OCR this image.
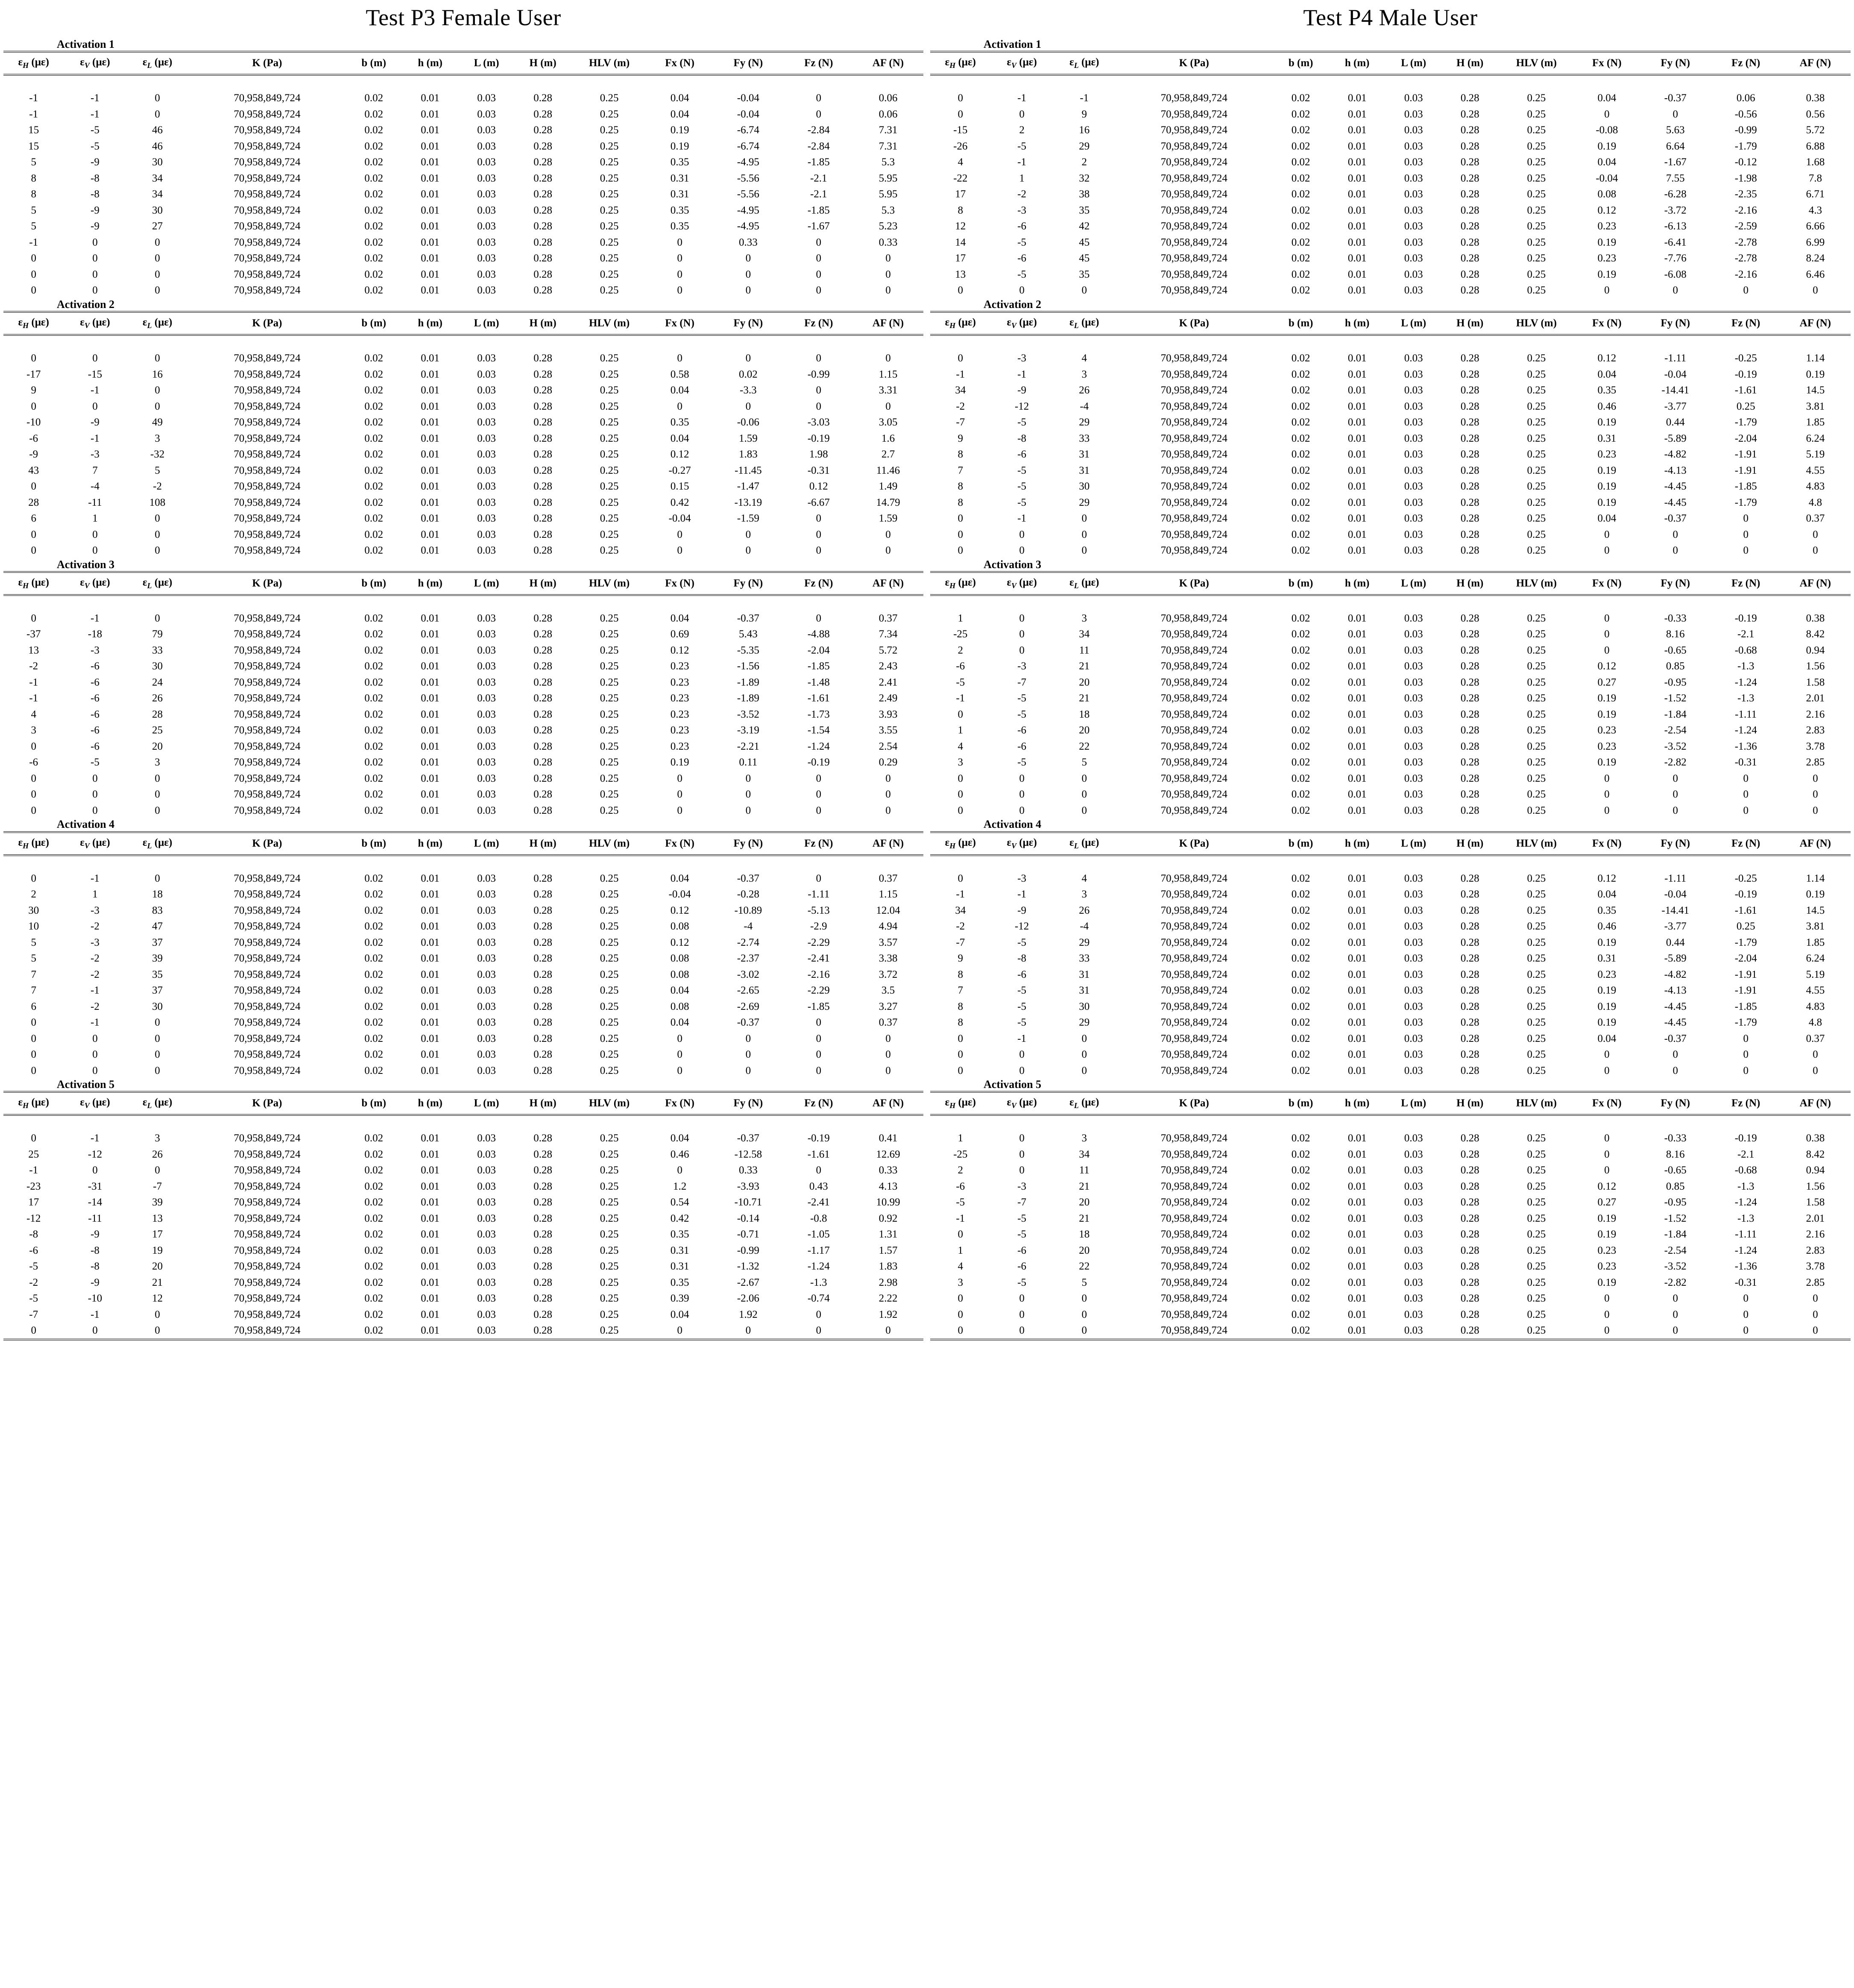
Test P3 Female User
Activation 1
$\varepsilon_H$ (με)	$\varepsilon_V$ (με)	$\varepsilon_L$ (με)	K (Pa)	b (m)	h (m)	L (m)	H (m)	HLV (m)	Fx (N)	Fy (N)	Fz (N)	AF (N)

-1	-1	0	70,958,849,724	0.02	0.01	0.03	0.28	0.25	0.04	-0.04	0	0.06
-1	-1	0	70,958,849,724	0.02	0.01	0.03	0.28	0.25	0.04	-0.04	0	0.06
15	-5	46	70,958,849,724	0.02	0.01	0.03	0.28	0.25	0.19	-6.74	-2.84	7.31
15	-5	46	70,958,849,724	0.02	0.01	0.03	0.28	0.25	0.19	-6.74	-2.84	7.31
5	-9	30	70,958,849,724	0.02	0.01	0.03	0.28	0.25	0.35	-4.95	-1.85	5.3
8	-8	34	70,958,849,724	0.02	0.01	0.03	0.28	0.25	0.31	-5.56	-2.1	5.95
8	-8	34	70,958,849,724	0.02	0.01	0.03	0.28	0.25	0.31	-5.56	-2.1	5.95
5	-9	30	70,958,849,724	0.02	0.01	0.03	0.28	0.25	0.35	-4.95	-1.85	5.3
5	-9	27	70,958,849,724	0.02	0.01	0.03	0.28	0.25	0.35	-4.95	-1.67	5.23
-1	0	0	70,958,849,724	0.02	0.01	0.03	0.28	0.25	0	0.33	0	0.33
0	0	0	70,958,849,724	0.02	0.01	0.03	0.28	0.25	0	0	0	0
0	0	0	70,958,849,724	0.02	0.01	0.03	0.28	0.25	0	0	0	0
0	0	0	70,958,849,724	0.02	0.01	0.03	0.28	0.25	0	0	0	0
Activation 2
$\varepsilon_H$ (με)	$\varepsilon_V$ (με)	$\varepsilon_L$ (με)	K (Pa)	b (m)	h (m)	L (m)	H (m)	HLV (m)	Fx (N)	Fy (N)	Fz (N)	AF (N)

0	0	0	70,958,849,724	0.02	0.01	0.03	0.28	0.25	0	0	0	0
-17	-15	16	70,958,849,724	0.02	0.01	0.03	0.28	0.25	0.58	0.02	-0.99	1.15
9	-1	0	70,958,849,724	0.02	0.01	0.03	0.28	0.25	0.04	-3.3	0	3.31
0	0	0	70,958,849,724	0.02	0.01	0.03	0.28	0.25	0	0	0	0
-10	-9	49	70,958,849,724	0.02	0.01	0.03	0.28	0.25	0.35	-0.06	-3.03	3.05
-6	-1	3	70,958,849,724	0.02	0.01	0.03	0.28	0.25	0.04	1.59	-0.19	1.6
-9	-3	-32	70,958,849,724	0.02	0.01	0.03	0.28	0.25	0.12	1.83	1.98	2.7
43	7	5	70,958,849,724	0.02	0.01	0.03	0.28	0.25	-0.27	-11.45	-0.31	11.46
0	-4	-2	70,958,849,724	0.02	0.01	0.03	0.28	0.25	0.15	-1.47	0.12	1.49
28	-11	108	70,958,849,724	0.02	0.01	0.03	0.28	0.25	0.42	-13.19	-6.67	14.79
6	1	0	70,958,849,724	0.02	0.01	0.03	0.28	0.25	-0.04	-1.59	0	1.59
0	0	0	70,958,849,724	0.02	0.01	0.03	0.28	0.25	0	0	0	0
0	0	0	70,958,849,724	0.02	0.01	0.03	0.28	0.25	0	0	0	0
Activation 3
$\varepsilon_H$ (με)	$\varepsilon_V$ (με)	$\varepsilon_L$ (με)	K (Pa)	b (m)	h (m)	L (m)	H (m)	HLV (m)	Fx (N)	Fy (N)	Fz (N)	AF (N)

0	-1	0	70,958,849,724	0.02	0.01	0.03	0.28	0.25	0.04	-0.37	0	0.37
-37	-18	79	70,958,849,724	0.02	0.01	0.03	0.28	0.25	0.69	5.43	-4.88	7.34
13	-3	33	70,958,849,724	0.02	0.01	0.03	0.28	0.25	0.12	-5.35	-2.04	5.72
-2	-6	30	70,958,849,724	0.02	0.01	0.03	0.28	0.25	0.23	-1.56	-1.85	2.43
-1	-6	24	70,958,849,724	0.02	0.01	0.03	0.28	0.25	0.23	-1.89	-1.48	2.41
-1	-6	26	70,958,849,724	0.02	0.01	0.03	0.28	0.25	0.23	-1.89	-1.61	2.49
4	-6	28	70,958,849,724	0.02	0.01	0.03	0.28	0.25	0.23	-3.52	-1.73	3.93
3	-6	25	70,958,849,724	0.02	0.01	0.03	0.28	0.25	0.23	-3.19	-1.54	3.55
0	-6	20	70,958,849,724	0.02	0.01	0.03	0.28	0.25	0.23	-2.21	-1.24	2.54
-6	-5	3	70,958,849,724	0.02	0.01	0.03	0.28	0.25	0.19	0.11	-0.19	0.29
0	0	0	70,958,849,724	0.02	0.01	0.03	0.28	0.25	0	0	0	0
0	0	0	70,958,849,724	0.02	0.01	0.03	0.28	0.25	0	0	0	0
0	0	0	70,958,849,724	0.02	0.01	0.03	0.28	0.25	0	0	0	0
Activation 4
$\varepsilon_H$ (με)	$\varepsilon_V$ (με)	$\varepsilon_L$ (με)	K (Pa)	b (m)	h (m)	L (m)	H (m)	HLV (m)	Fx (N)	Fy (N)	Fz (N)	AF (N)

0	-1	0	70,958,849,724	0.02	0.01	0.03	0.28	0.25	0.04	-0.37	0	0.37
2	1	18	70,958,849,724	0.02	0.01	0.03	0.28	0.25	-0.04	-0.28	-1.11	1.15
30	-3	83	70,958,849,724	0.02	0.01	0.03	0.28	0.25	0.12	-10.89	-5.13	12.04
10	-2	47	70,958,849,724	0.02	0.01	0.03	0.28	0.25	0.08	-4	-2.9	4.94
5	-3	37	70,958,849,724	0.02	0.01	0.03	0.28	0.25	0.12	-2.74	-2.29	3.57
5	-2	39	70,958,849,724	0.02	0.01	0.03	0.28	0.25	0.08	-2.37	-2.41	3.38
7	-2	35	70,958,849,724	0.02	0.01	0.03	0.28	0.25	0.08	-3.02	-2.16	3.72
7	-1	37	70,958,849,724	0.02	0.01	0.03	0.28	0.25	0.04	-2.65	-2.29	3.5
6	-2	30	70,958,849,724	0.02	0.01	0.03	0.28	0.25	0.08	-2.69	-1.85	3.27
0	-1	0	70,958,849,724	0.02	0.01	0.03	0.28	0.25	0.04	-0.37	0	0.37
0	0	0	70,958,849,724	0.02	0.01	0.03	0.28	0.25	0	0	0	0
0	0	0	70,958,849,724	0.02	0.01	0.03	0.28	0.25	0	0	0	0
0	0	0	70,958,849,724	0.02	0.01	0.03	0.28	0.25	0	0	0	0
Activation 5
$\varepsilon_H$ (με)	$\varepsilon_V$ (με)	$\varepsilon_L$ (με)	K (Pa)	b (m)	h (m)	L (m)	H (m)	HLV (m)	Fx (N)	Fy (N)	Fz (N)	AF (N)

0	-1	3	70,958,849,724	0.02	0.01	0.03	0.28	0.25	0.04	-0.37	-0.19	0.41
25	-12	26	70,958,849,724	0.02	0.01	0.03	0.28	0.25	0.46	-12.58	-1.61	12.69
-1	0	0	70,958,849,724	0.02	0.01	0.03	0.28	0.25	0	0.33	0	0.33
-23	-31	-7	70,958,849,724	0.02	0.01	0.03	0.28	0.25	1.2	-3.93	0.43	4.13
17	-14	39	70,958,849,724	0.02	0.01	0.03	0.28	0.25	0.54	-10.71	-2.41	10.99
-12	-11	13	70,958,849,724	0.02	0.01	0.03	0.28	0.25	0.42	-0.14	-0.8	0.92
-8	-9	17	70,958,849,724	0.02	0.01	0.03	0.28	0.25	0.35	-0.71	-1.05	1.31
-6	-8	19	70,958,849,724	0.02	0.01	0.03	0.28	0.25	0.31	-0.99	-1.17	1.57
-5	-8	20	70,958,849,724	0.02	0.01	0.03	0.28	0.25	0.31	-1.32	-1.24	1.83
-2	-9	21	70,958,849,724	0.02	0.01	0.03	0.28	0.25	0.35	-2.67	-1.3	2.98
-5	-10	12	70,958,849,724	0.02	0.01	0.03	0.28	0.25	0.39	-2.06	-0.74	2.22
-7	-1	0	70,958,849,724	0.02	0.01	0.03	0.28	0.25	0.04	1.92	0	1.92
0	0	0	70,958,849,724	0.02	0.01	0.03	0.28	0.25	0	0	0	0
Test P4 Male User
Activation 1
$\varepsilon_H$ (με)	$\varepsilon_V$ (με)	$\varepsilon_L$ (με)	K (Pa)	b (m)	h (m)	L (m)	H (m)	HLV (m)	Fx (N)	Fy (N)	Fz (N)	AF (N)

0	-1	-1	70,958,849,724	0.02	0.01	0.03	0.28	0.25	0.04	-0.37	0.06	0.38
0	0	9	70,958,849,724	0.02	0.01	0.03	0.28	0.25	0	0	-0.56	0.56
-15	2	16	70,958,849,724	0.02	0.01	0.03	0.28	0.25	-0.08	5.63	-0.99	5.72
-26	-5	29	70,958,849,724	0.02	0.01	0.03	0.28	0.25	0.19	6.64	-1.79	6.88
4	-1	2	70,958,849,724	0.02	0.01	0.03	0.28	0.25	0.04	-1.67	-0.12	1.68
-22	1	32	70,958,849,724	0.02	0.01	0.03	0.28	0.25	-0.04	7.55	-1.98	7.8
17	-2	38	70,958,849,724	0.02	0.01	0.03	0.28	0.25	0.08	-6.28	-2.35	6.71
8	-3	35	70,958,849,724	0.02	0.01	0.03	0.28	0.25	0.12	-3.72	-2.16	4.3
12	-6	42	70,958,849,724	0.02	0.01	0.03	0.28	0.25	0.23	-6.13	-2.59	6.66
14	-5	45	70,958,849,724	0.02	0.01	0.03	0.28	0.25	0.19	-6.41	-2.78	6.99
17	-6	45	70,958,849,724	0.02	0.01	0.03	0.28	0.25	0.23	-7.76	-2.78	8.24
13	-5	35	70,958,849,724	0.02	0.01	0.03	0.28	0.25	0.19	-6.08	-2.16	6.46
0	0	0	70,958,849,724	0.02	0.01	0.03	0.28	0.25	0	0	0	0
Activation 2
$\varepsilon_H$ (με)	$\varepsilon_V$ (με)	$\varepsilon_L$ (με)	K (Pa)	b (m)	h (m)	L (m)	H (m)	HLV (m)	Fx (N)	Fy (N)	Fz (N)	AF (N)

0	-3	4	70,958,849,724	0.02	0.01	0.03	0.28	0.25	0.12	-1.11	-0.25	1.14
-1	-1	3	70,958,849,724	0.02	0.01	0.03	0.28	0.25	0.04	-0.04	-0.19	0.19
34	-9	26	70,958,849,724	0.02	0.01	0.03	0.28	0.25	0.35	-14.41	-1.61	14.5
-2	-12	-4	70,958,849,724	0.02	0.01	0.03	0.28	0.25	0.46	-3.77	0.25	3.81
-7	-5	29	70,958,849,724	0.02	0.01	0.03	0.28	0.25	0.19	0.44	-1.79	1.85
9	-8	33	70,958,849,724	0.02	0.01	0.03	0.28	0.25	0.31	-5.89	-2.04	6.24
8	-6	31	70,958,849,724	0.02	0.01	0.03	0.28	0.25	0.23	-4.82	-1.91	5.19
7	-5	31	70,958,849,724	0.02	0.01	0.03	0.28	0.25	0.19	-4.13	-1.91	4.55
8	-5	30	70,958,849,724	0.02	0.01	0.03	0.28	0.25	0.19	-4.45	-1.85	4.83
8	-5	29	70,958,849,724	0.02	0.01	0.03	0.28	0.25	0.19	-4.45	-1.79	4.8
0	-1	0	70,958,849,724	0.02	0.01	0.03	0.28	0.25	0.04	-0.37	0	0.37
0	0	0	70,958,849,724	0.02	0.01	0.03	0.28	0.25	0	0	0	0
0	0	0	70,958,849,724	0.02	0.01	0.03	0.28	0.25	0	0	0	0
Activation 3
$\varepsilon_H$ (με)	$\varepsilon_V$ (με)	$\varepsilon_L$ (με)	K (Pa)	b (m)	h (m)	L (m)	H (m)	HLV (m)	Fx (N)	Fy (N)	Fz (N)	AF (N)

1	0	3	70,958,849,724	0.02	0.01	0.03	0.28	0.25	0	-0.33	-0.19	0.38
-25	0	34	70,958,849,724	0.02	0.01	0.03	0.28	0.25	0	8.16	-2.1	8.42
2	0	11	70,958,849,724	0.02	0.01	0.03	0.28	0.25	0	-0.65	-0.68	0.94
-6	-3	21	70,958,849,724	0.02	0.01	0.03	0.28	0.25	0.12	0.85	-1.3	1.56
-5	-7	20	70,958,849,724	0.02	0.01	0.03	0.28	0.25	0.27	-0.95	-1.24	1.58
-1	-5	21	70,958,849,724	0.02	0.01	0.03	0.28	0.25	0.19	-1.52	-1.3	2.01
0	-5	18	70,958,849,724	0.02	0.01	0.03	0.28	0.25	0.19	-1.84	-1.11	2.16
1	-6	20	70,958,849,724	0.02	0.01	0.03	0.28	0.25	0.23	-2.54	-1.24	2.83
4	-6	22	70,958,849,724	0.02	0.01	0.03	0.28	0.25	0.23	-3.52	-1.36	3.78
3	-5	5	70,958,849,724	0.02	0.01	0.03	0.28	0.25	0.19	-2.82	-0.31	2.85
0	0	0	70,958,849,724	0.02	0.01	0.03	0.28	0.25	0	0	0	0
0	0	0	70,958,849,724	0.02	0.01	0.03	0.28	0.25	0	0	0	0
0	0	0	70,958,849,724	0.02	0.01	0.03	0.28	0.25	0	0	0	0
Activation 4
$\varepsilon_H$ (με)	$\varepsilon_V$ (με)	$\varepsilon_L$ (με)	K (Pa)	b (m)	h (m)	L (m)	H (m)	HLV (m)	Fx (N)	Fy (N)	Fz (N)	AF (N)

0	-3	4	70,958,849,724	0.02	0.01	0.03	0.28	0.25	0.12	-1.11	-0.25	1.14
-1	-1	3	70,958,849,724	0.02	0.01	0.03	0.28	0.25	0.04	-0.04	-0.19	0.19
34	-9	26	70,958,849,724	0.02	0.01	0.03	0.28	0.25	0.35	-14.41	-1.61	14.5
-2	-12	-4	70,958,849,724	0.02	0.01	0.03	0.28	0.25	0.46	-3.77	0.25	3.81
-7	-5	29	70,958,849,724	0.02	0.01	0.03	0.28	0.25	0.19	0.44	-1.79	1.85
9	-8	33	70,958,849,724	0.02	0.01	0.03	0.28	0.25	0.31	-5.89	-2.04	6.24
8	-6	31	70,958,849,724	0.02	0.01	0.03	0.28	0.25	0.23	-4.82	-1.91	5.19
7	-5	31	70,958,849,724	0.02	0.01	0.03	0.28	0.25	0.19	-4.13	-1.91	4.55
8	-5	30	70,958,849,724	0.02	0.01	0.03	0.28	0.25	0.19	-4.45	-1.85	4.83
8	-5	29	70,958,849,724	0.02	0.01	0.03	0.28	0.25	0.19	-4.45	-1.79	4.8
0	-1	0	70,958,849,724	0.02	0.01	0.03	0.28	0.25	0.04	-0.37	0	0.37
0	0	0	70,958,849,724	0.02	0.01	0.03	0.28	0.25	0	0	0	0
0	0	0	70,958,849,724	0.02	0.01	0.03	0.28	0.25	0	0	0	0
Activation 5
$\varepsilon_H$ (με)	$\varepsilon_V$ (με)	$\varepsilon_L$ (με)	K (Pa)	b (m)	h (m)	L (m)	H (m)	HLV (m)	Fx (N)	Fy (N)	Fz (N)	AF (N)

1	0	3	70,958,849,724	0.02	0.01	0.03	0.28	0.25	0	-0.33	-0.19	0.38
-25	0	34	70,958,849,724	0.02	0.01	0.03	0.28	0.25	0	8.16	-2.1	8.42
2	0	11	70,958,849,724	0.02	0.01	0.03	0.28	0.25	0	-0.65	-0.68	0.94
-6	-3	21	70,958,849,724	0.02	0.01	0.03	0.28	0.25	0.12	0.85	-1.3	1.56
-5	-7	20	70,958,849,724	0.02	0.01	0.03	0.28	0.25	0.27	-0.95	-1.24	1.58
-1	-5	21	70,958,849,724	0.02	0.01	0.03	0.28	0.25	0.19	-1.52	-1.3	2.01
0	-5	18	70,958,849,724	0.02	0.01	0.03	0.28	0.25	0.19	-1.84	-1.11	2.16
1	-6	20	70,958,849,724	0.02	0.01	0.03	0.28	0.25	0.23	-2.54	-1.24	2.83
4	-6	22	70,958,849,724	0.02	0.01	0.03	0.28	0.25	0.23	-3.52	-1.36	3.78
3	-5	5	70,958,849,724	0.02	0.01	0.03	0.28	0.25	0.19	-2.82	-0.31	2.85
0	0	0	70,958,849,724	0.02	0.01	0.03	0.28	0.25	0	0	0	0
0	0	0	70,958,849,724	0.02	0.01	0.03	0.28	0.25	0	0	0	0
0	0	0	70,958,849,724	0.02	0.01	0.03	0.28	0.25	0	0	0	0
